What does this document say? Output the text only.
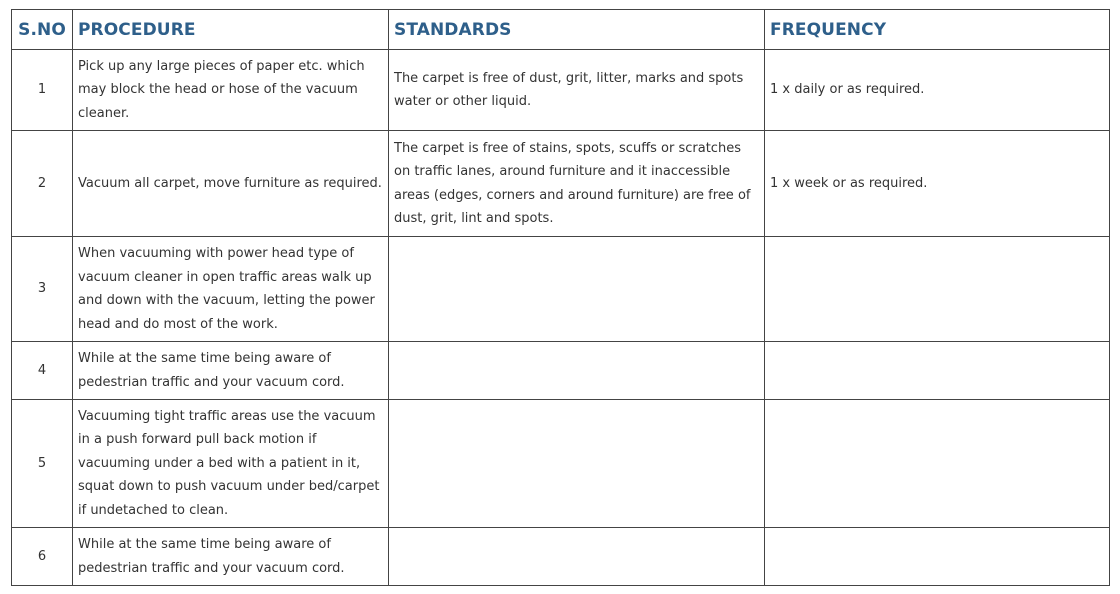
S.NO	PROCEDURE	STANDARDS	FREQUENCY
1	Pick up any large pieces of paper etc. which may block the head or hose of the vacuum cleaner.	The carpet is free of dust, grit, litter, marks and spots water or other liquid.	1 x daily or as required.
2	Vacuum all carpet, move furniture as required.	The carpet is free of stains, spots, scuffs or scratches on traffic lanes, around furniture and it inaccessible areas (edges, corners and around furniture) are free of dust, grit, lint and spots.	1 x week or as required.
3	When vacuuming with power head type of vacuum cleaner in open traffic areas walk up and down with the vacuum, letting the power head and do most of the work.		
4	While at the same time being aware of pedestrian traffic and your vacuum cord.		
5	Vacuuming tight traffic areas use the vacuum in a push forward pull back motion if vacuuming under a bed with a patient in it, squat down to push vacuum under bed/carpet if undetached to clean.		
6	While at the same time being aware of pedestrian traffic and your vacuum cord.		
